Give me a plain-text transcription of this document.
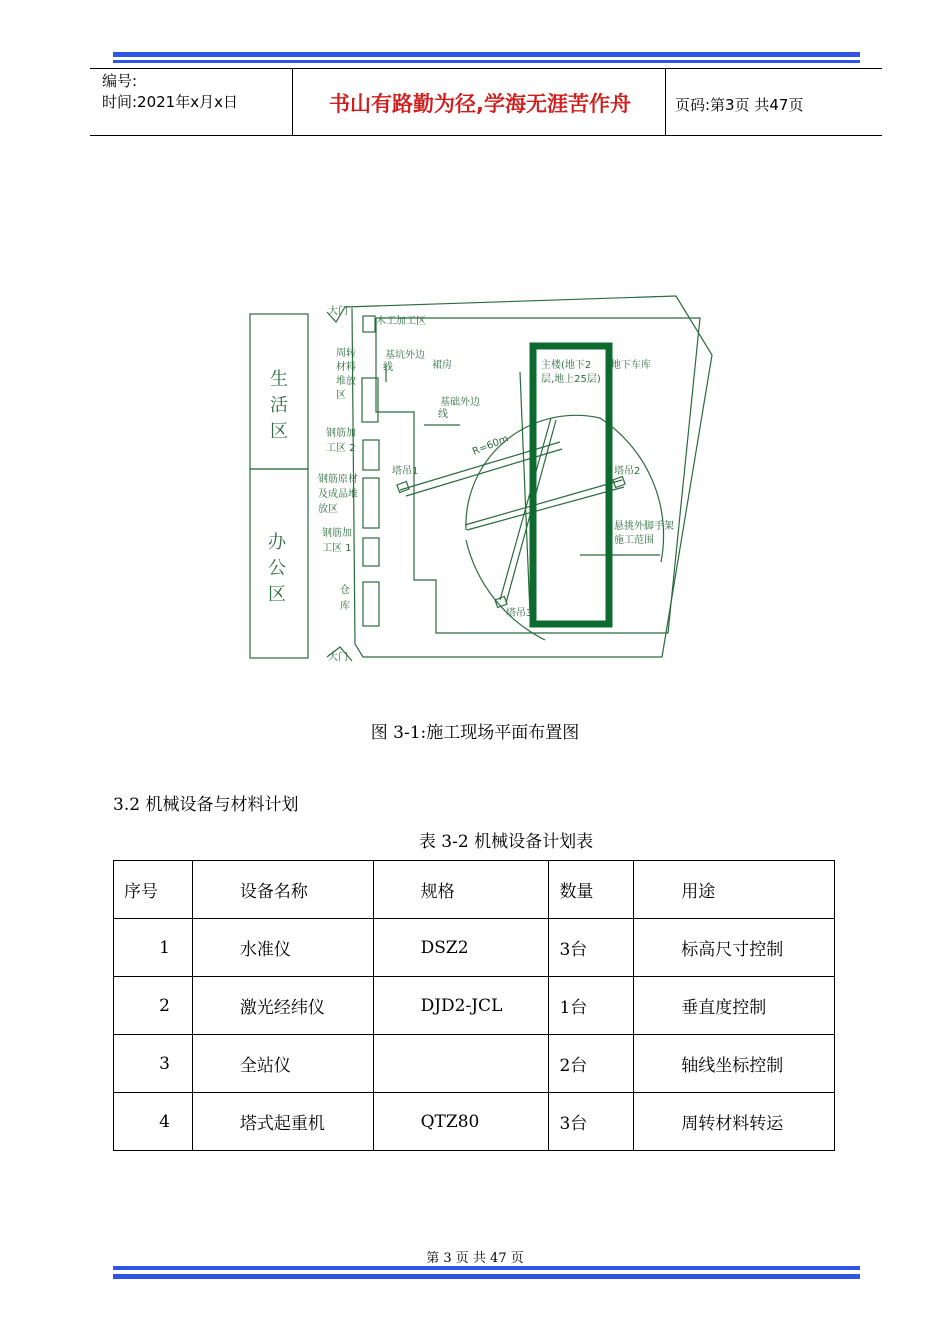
编号:
时间:2021年x月x日	书山有路勤为径,学海无涯苦作舟	页码:第3页 共47页
大门
大门
木工加工区
周转材料堆放区
基坑外边线	裙房	主楼(地下2 层,地上25层)
地下车库
基础外边线
钢筋加工区 2	R=60m
塔吊1	塔吊2
钢筋原材及成品堆放区
悬挑外脚手架施工范围
钢筋加工区 1
仓库
塔吊3
生活区
办公区
图 3-1:施工现场平面布置图
3.2 机械设备与材料计划
表 3-2 机械设备计划表
序号	设备名称	规格	数量	用途
1	水准仪	DSZ2	3台	标高尺寸控制
2	激光经纬仪	DJD2-JCL	1台	垂直度控制
3	全站仪		2台	轴线坐标控制
4	塔式起重机	QTZ80	3台	周转材料转运
第 3 页 共 47 页
